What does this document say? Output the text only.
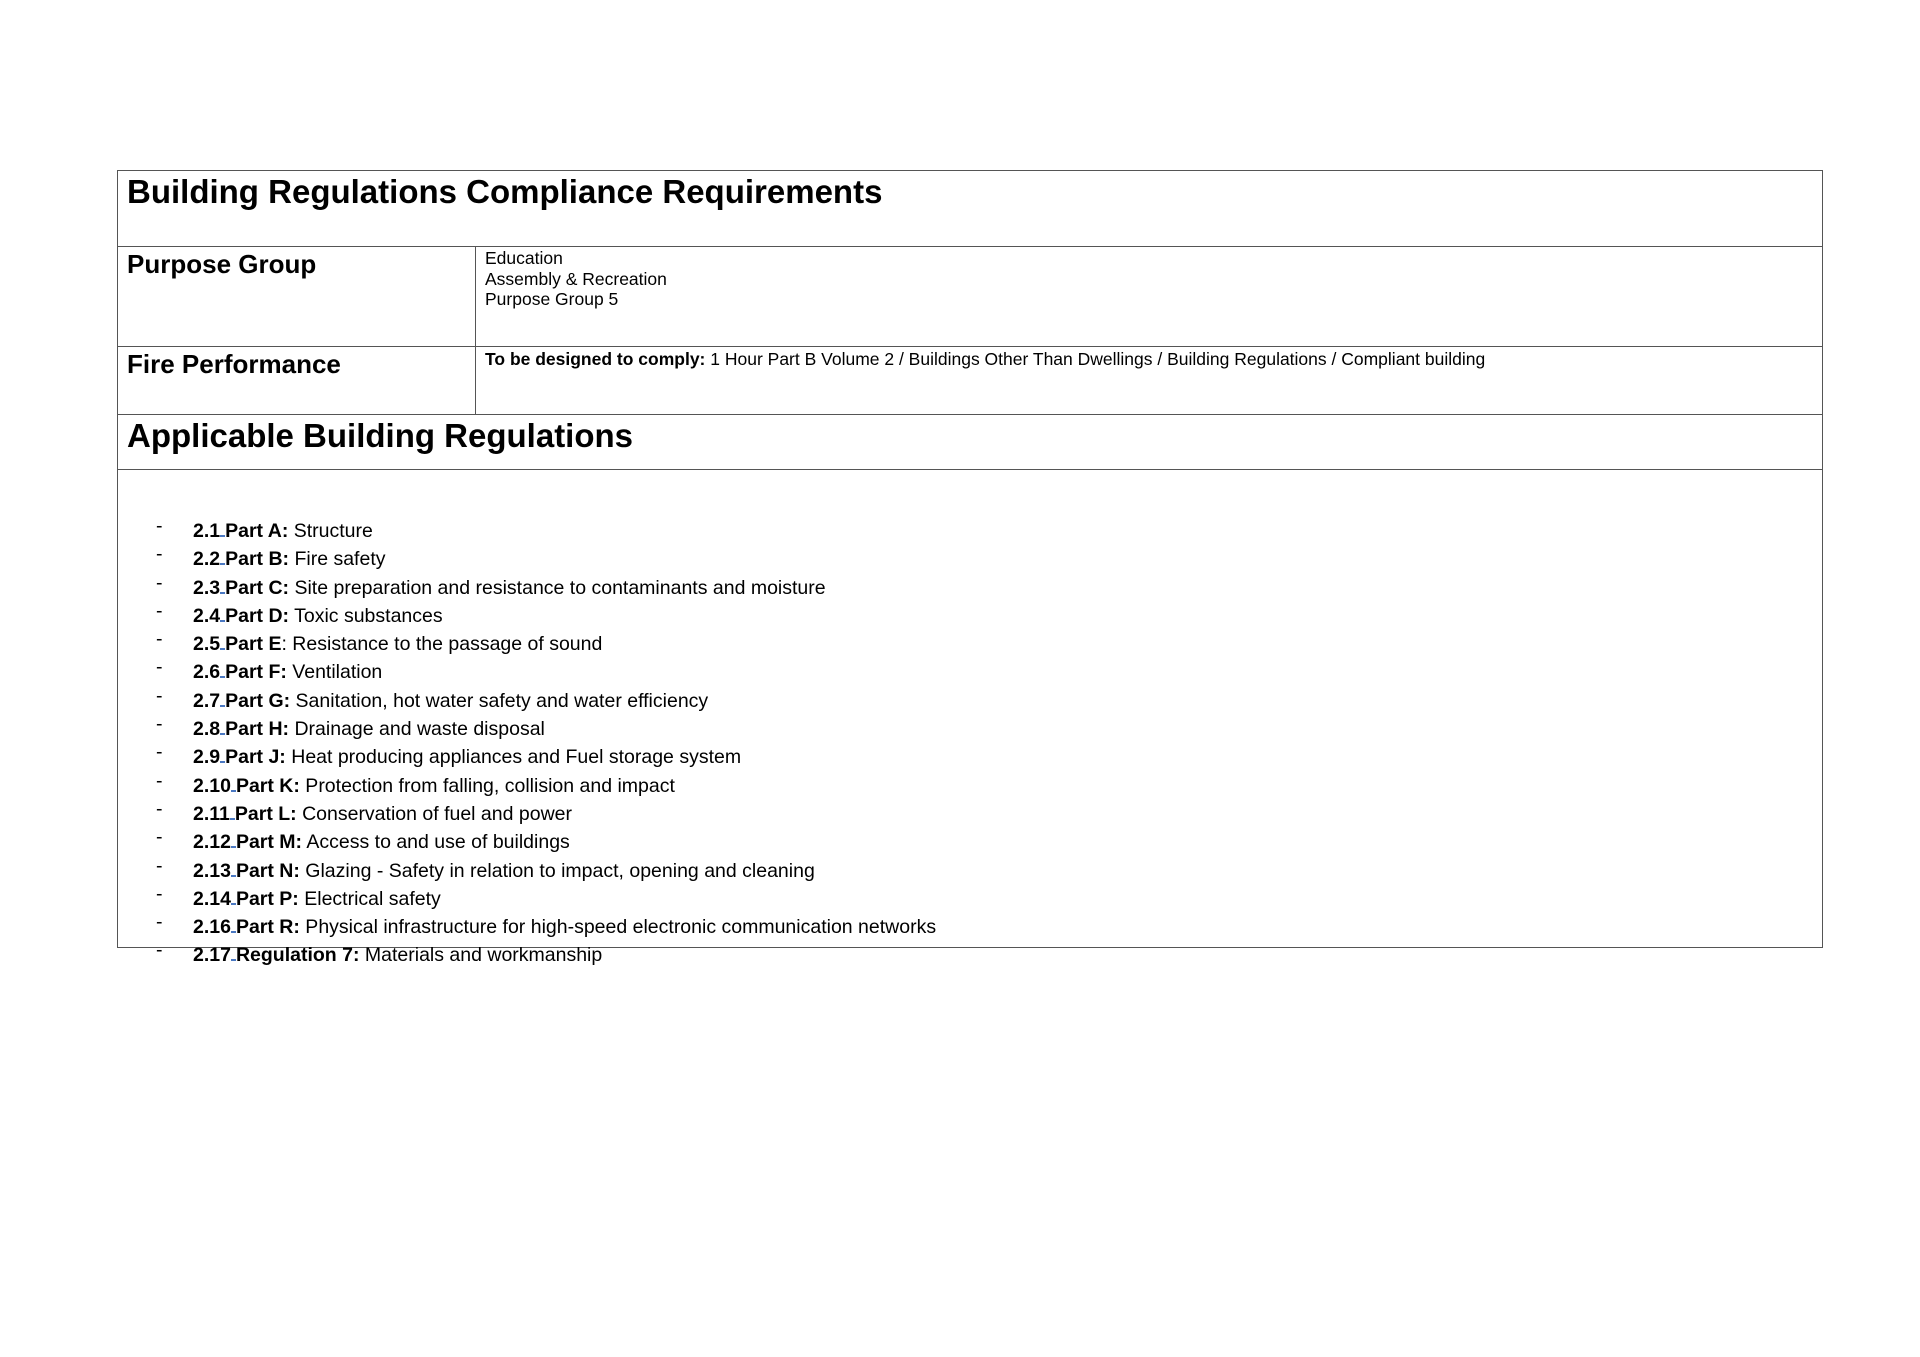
Building Regulations Compliance Requirements
Purpose Group	Education
Assembly & Recreation
Purpose Group 5
Fire Performance	To be designed to comply: 1 Hour Part B Volume 2 / Buildings Other Than Dwellings / Building Regulations / Compliant building
Applicable Building Regulations
-	2.1 Part A: Structure
-	2.2 Part B: Fire safety
-	2.3 Part C: Site preparation and resistance to contaminants and moisture
-	2.4 Part D: Toxic substances
-	2.5 Part E: Resistance to the passage of sound
-	2.6 Part F: Ventilation
-	2.7 Part G: Sanitation, hot water safety and water efficiency
-	2.8 Part H: Drainage and waste disposal
-	2.9 Part J: Heat producing appliances and Fuel storage system
-	2.10 Part K: Protection from falling, collision and impact
-	2.11 Part L: Conservation of fuel and power
-	2.12 Part M: Access to and use of buildings
-	2.13 Part N: Glazing - Safety in relation to impact, opening and cleaning
-	2.14 Part P: Electrical safety
-	2.16 Part R: Physical infrastructure for high-speed electronic communication networks
-	2.17 Regulation 7: Materials and workmanship
